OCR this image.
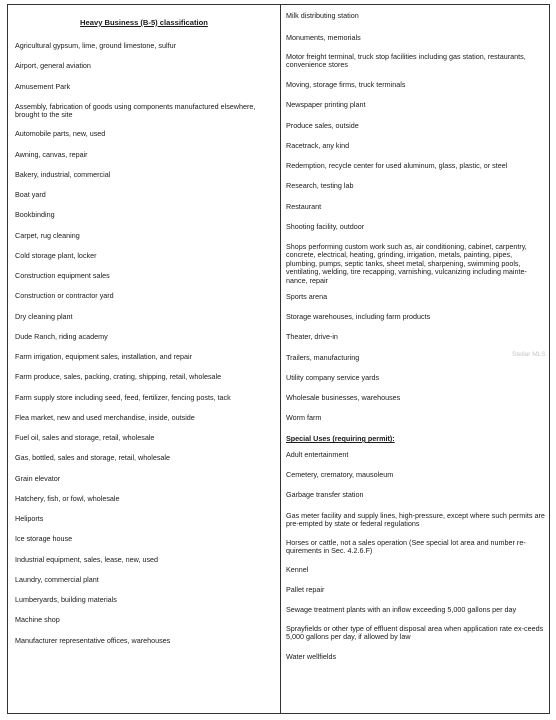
Heavy Business (B-5) classification
Agricultural gypsum, lime, ground limestone, sulfur
Airport, general aviation
Amusement Park
Assembly, fabrication of goods using components manufactured elsewhere, brought to the site
Automobile parts, new, used
Awning, canvas, repair
Bakery, industrial, commercial
Boat yard
Bookbinding
Carpet, rug cleaning
Cold storage plant, locker
Construction equipment sales
Construction or contractor yard
Dry cleaning plant
Dude Ranch, riding academy
Farm irrigation, equipment sales, installation, and repair
Farm produce, sales, packing, crating, shipping, retail, wholesale
Farm supply store including seed, feed, fertilizer, fencing posts, tack
Flea market, new and used merchandise, inside, outside
Fuel oil, sales and storage, retail, wholesale
Gas, bottled, sales and storage, retail, wholesale
Grain elevator
Hatchery, fish, or fowl, wholesale
Heliports
Ice storage house
Industrial equipment, sales, lease, new, used
Laundry, commercial plant
Lumberyards, building materials
Machine shop
Manufacturer representative offices, warehouses
Milk distributing station
Monuments, memorials
Motor freight terminal, truck stop facilities including gas station, restaurants, convenience stores
Moving, storage firms, truck terminals
Newspaper printing plant
Produce sales, outside
Racetrack, any kind
Redemption, recycle center for used aluminum, glass, plastic, or steel
Research, testing lab
Restaurant
Shooting facility, outdoor
Shops performing custom work such as, air conditioning, cabinet, carpentry, concrete, electrical, heating, grinding, irrigation, metals, painting, pipes, plumbing, pumps, septic tanks, sheet metal, sharpening, swimming pools, ventilating, welding, tire recapping, varnishing, vulcanizing including mainte-nance, repair
Sports arena
Storage warehouses, including farm products
Theater, drive-in
Trailers, manufacturing
Utility company service yards
Wholesale businesses, warehouses
Worm farm
Special Uses (requiring permit):
Adult entertainment
Cemetery, crematory, mausoleum
Garbage transfer station
Gas meter facility and supply lines, high-pressure, except where such permits are pre-empted by state or federal regulations
Horses or cattle, not a sales operation (See special lot area and number re-quirements in Sec. 4.2.6.F)
Kennel
Pallet repair
Sewage treatment plants with an inflow exceeding 5,000 gallons per day
Sprayfields or other type of effluent disposal area when application rate ex-ceeds 5,000 gallons per day, if allowed by law
Water wellfields
Stellar MLS
